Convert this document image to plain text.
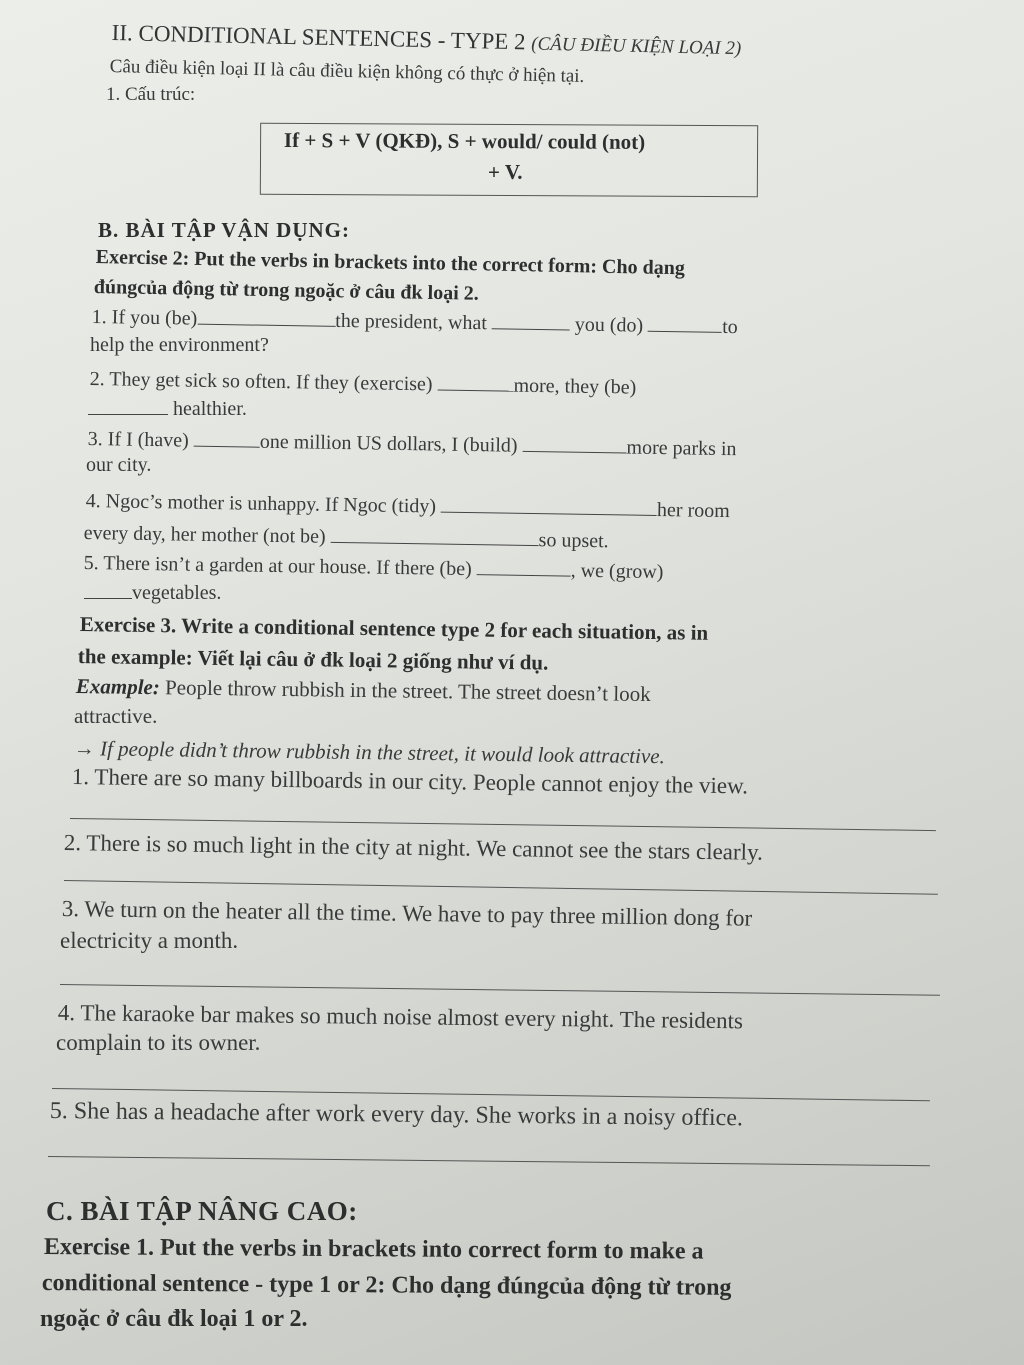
II. CONDITIONAL SENTENCES - TYPE 2 (CÂU ĐIỀU KIỆN LOẠI 2)
Câu điều kiện loại II là câu điều kiện không có thực ở hiện tại.
1. Cấu trúc:
If + S + V (QKĐ), S + would/ could (not)
+ V.
B. BÀI TẬP VẬN DỤNG:
Exercise 2: Put the verbs in brackets into the correct form: Cho dạng
đúngcủa động từ trong ngoặc ở câu đk loại 2.
1. If you (be)	the president, what	you (do)	to
help the environment?
2. They get sick so often. If they (exercise)	more, they (be)
healthier.
3. If I (have)	one million US dollars, I (build)	more parks in
our city.
4. Ngoc’s mother is unhappy. If Ngoc (tidy)	her room
every day, her mother (not be)	so upset.
5. There isn’t a garden at our house. If there (be)	, we (grow)
vegetables.
Exercise 3. Write a conditional sentence type 2 for each situation, as in
the example: Viết lại câu ở đk loại 2 giống như ví dụ.
Example: People throw rubbish in the street. The street doesn’t look
attractive.
→ If people didn’t throw rubbish in the street, it would look attractive.
1. There are so many billboards in our city. People cannot enjoy the view.
2. There is so much light in the city at night. We cannot see the stars clearly.
3. We turn on the heater all the time. We have to pay three million dong for
electricity a month.
4. The karaoke bar makes so much noise almost every night. The residents
complain to its owner.
5. She has a headache after work every day. She works in a noisy office.
C. BÀI TẬP NÂNG CAO:
Exercise 1. Put the verbs in brackets into correct form to make a
conditional sentence - type 1 or 2: Cho dạng đúngcủa động từ trong
ngoặc ở câu đk loại 1 or 2.
